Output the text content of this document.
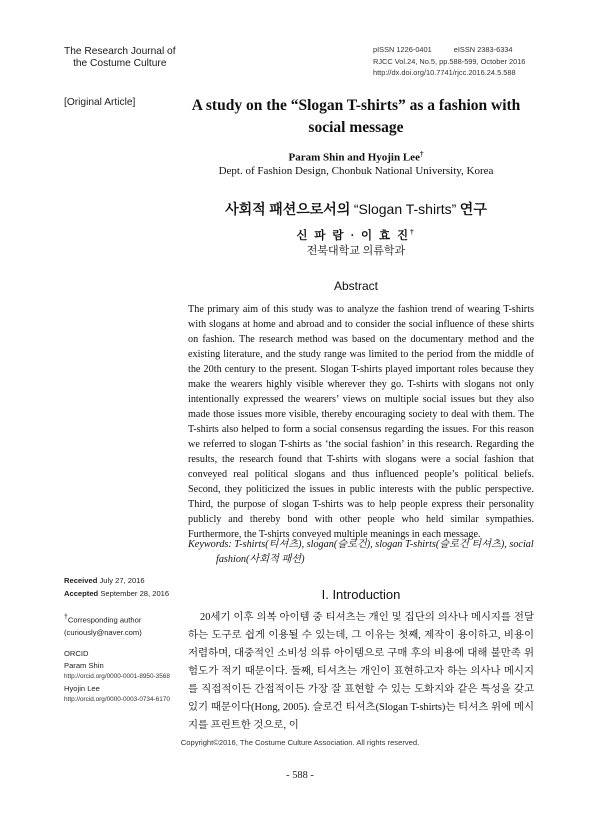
The Research Journal of
the Costume Culture
pISSN 1226-0401	eISSN 2383-6334
RJCC Vol.24, No.5, pp.588-599, October 2016
http://dx.doi.org/10.7741/rjcc.2016.24.5.588
[Original Article]	A study on the “Slogan T-shirts” as a fashion with
social message
Param Shin and Hyojin Lee†
Dept. of Fashion Design, Chonbuk National University, Korea
사회적 패션으로서의 “Slogan T-shirts” 연구
신 파 람 · 이 효 진†
전북대학교 의류학과
Abstract
The primary aim of this study was to analyze the fashion trend of wearing T-shirts with slogans at home and abroad and to consider the social influence of these shirts on fashion. The research method was based on the documentary method and the existing literature, and the study range was limited to the period from the middle of the 20th century to the present. Slogan T-shirts played important roles because they make the wearers highly visible wherever they go. T-shirts with slogans not only intentionally expressed the wearers’ views on multiple social issues but they also made those issues more visible, thereby encouraging society to deal with them. The T-shirts also helped to form a social consensus regarding the issues. For this reason we referred to slogan T-shirts as ‘the social fashion’ in this research. Regarding the results, the research found that T-shirts with slogans were a social fashion that conveyed real political slogans and thus influenced people’s political beliefs. Second, they politicized the issues in public interests with the public perspective. Third, the purpose of slogan T-shirts was to help people express their personality publicly and thereby bond with other people who held similar sympathies. Furthermore, the T-shirts conveyed multiple meanings in each message.
Keywords: T-shirts(티셔츠), slogan(슬로건), slogan T-shirts(슬로건 티셔츠), social
fashion(사회적 패션)
Received July 27, 2016
Accepted September 28, 2016
†Corresponding author
(curiously@naver.com)
ORCID
Param Shin
http://orcid.org/0000-0001-8950-3568
Hyojin Lee
http://orcid.org/0000-0003-0734-6170
I. Introduction
20세기 이후 의복 아이템 중 티셔츠는 개인 및 집단의 의사나 메시지를 전달하는 도구로 쉽게 이용될 수 있는데, 그 이유는 첫째, 제작이 용이하고, 비용이 저렴하며, 대중적인 소비성 의류 아이템으로 구매 후의 비용에 대해 불만족 위험도가 적기 때문이다. 둘째, 티셔츠는 개인이 표현하고자 하는 의사나 메시지를 직접적이든 간접적이든 가장 잘 표현할 수 있는 도화지와 같은 특성을 갖고 있기 때문이다(Hong, 2005). 슬로건 티셔츠(Slogan T-shirts)는 티셔츠 위에 메시지를 프린트한 것으로, 이
Copyright©2016, The Costume Culture Association. All rights reserved.
- 588 -
